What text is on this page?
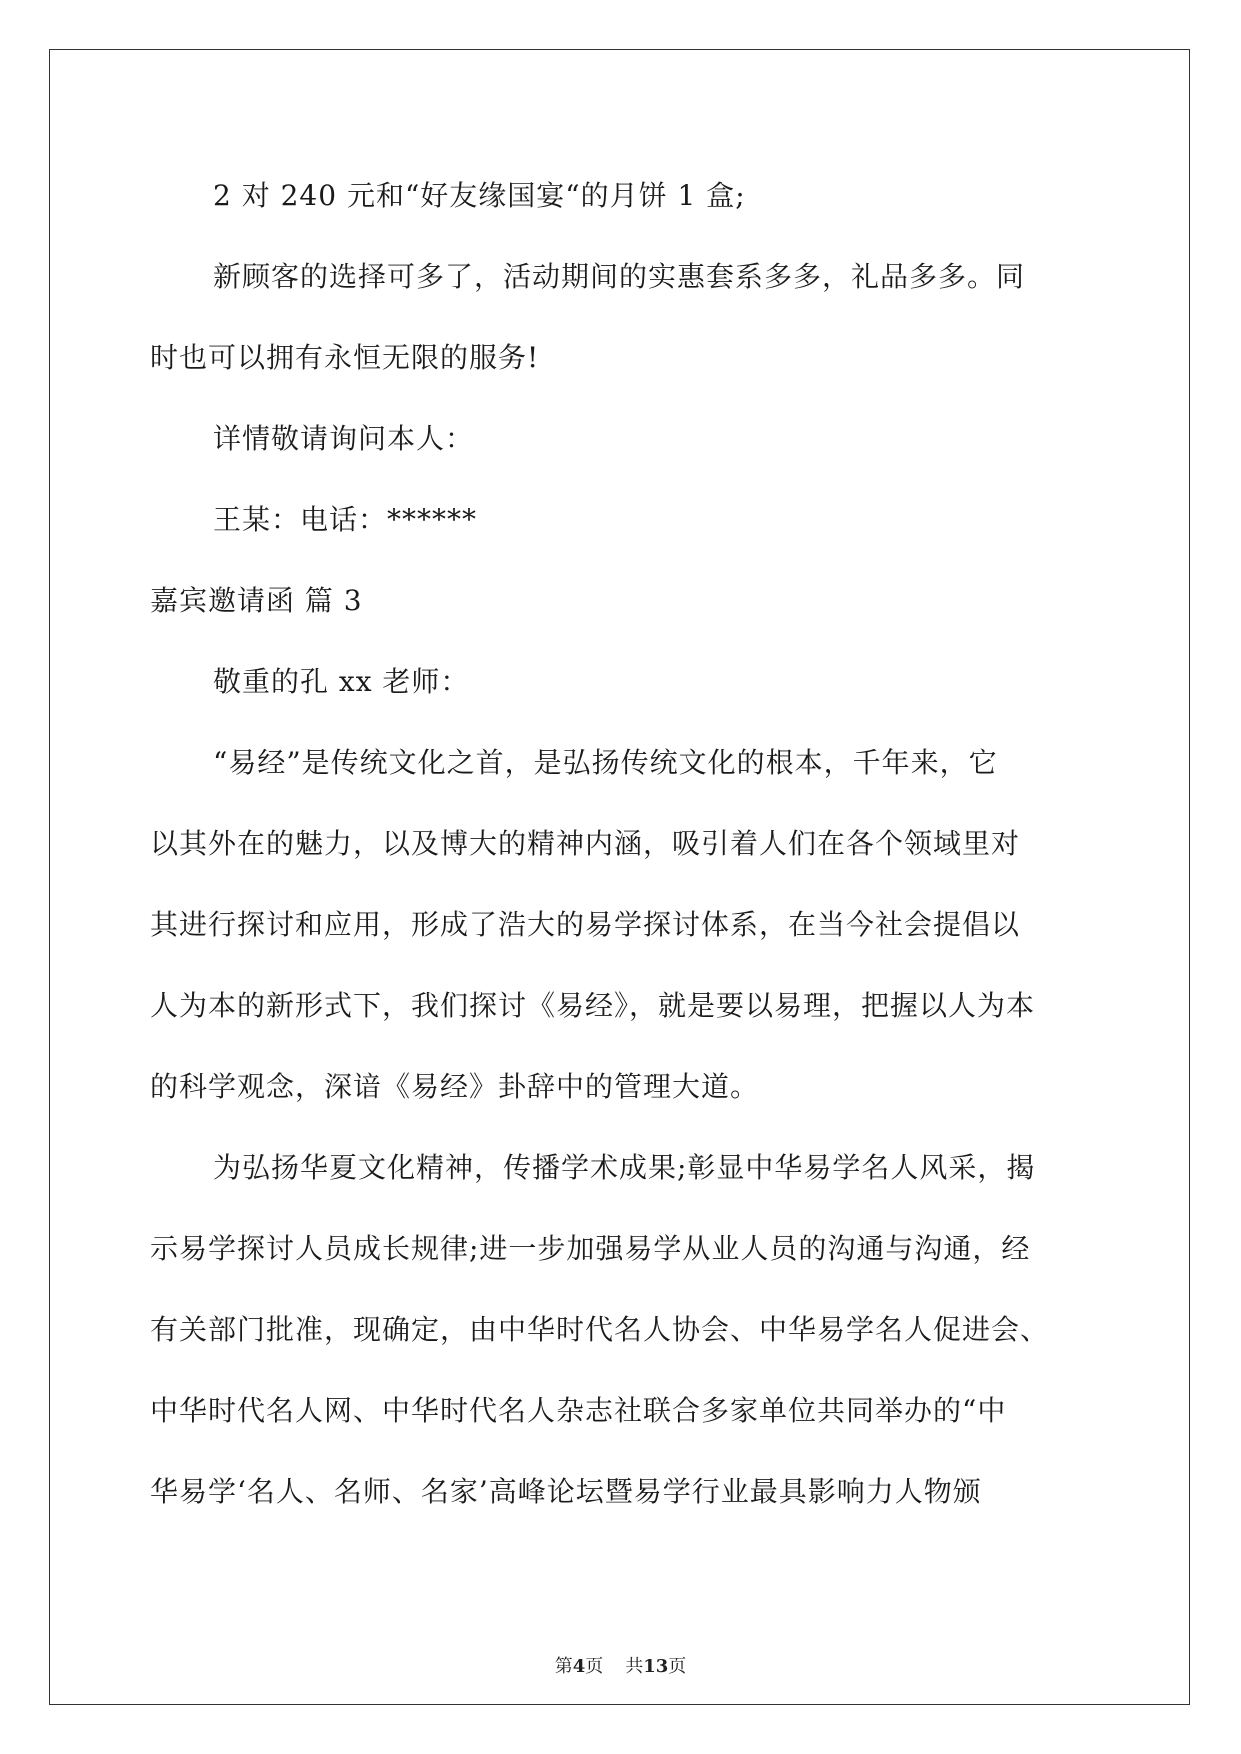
2 对 240 元和“好友缘国宴“的月饼 1 盒;

新顾客的选择可多了，活动期间的实惠套系多多，礼品多多。同

时也可以拥有永恒无限的服务!

详情敬请询问本人：

王某：电话：******

嘉宾邀请函 篇 3

敬重的孔 xx 老师：

“易经”是传统文化之首，是弘扬传统文化的根本，千年来，它

以其外在的魅力，以及博大的精神内涵，吸引着人们在各个领域里对

其进行探讨和应用，形成了浩大的易学探讨体系，在当今社会提倡以

人为本的新形式下，我们探讨《易经》，就是要以易理，把握以人为本

的科学观念，深谙《易经》卦辞中的管理大道。

为弘扬华夏文化精神，传播学术成果;彰显中华易学名人风采，揭

示易学探讨人员成长规律;进一步加强易学从业人员的沟通与沟通，经

有关部门批准，现确定，由中华时代名人协会、中华易学名人促进会、

中华时代名人网、中华时代名人杂志社联合多家单位共同举办的“中

华易学‘名人、名师、名家’高峰论坛暨易学行业最具影响力人物颁

第4页 共13页
